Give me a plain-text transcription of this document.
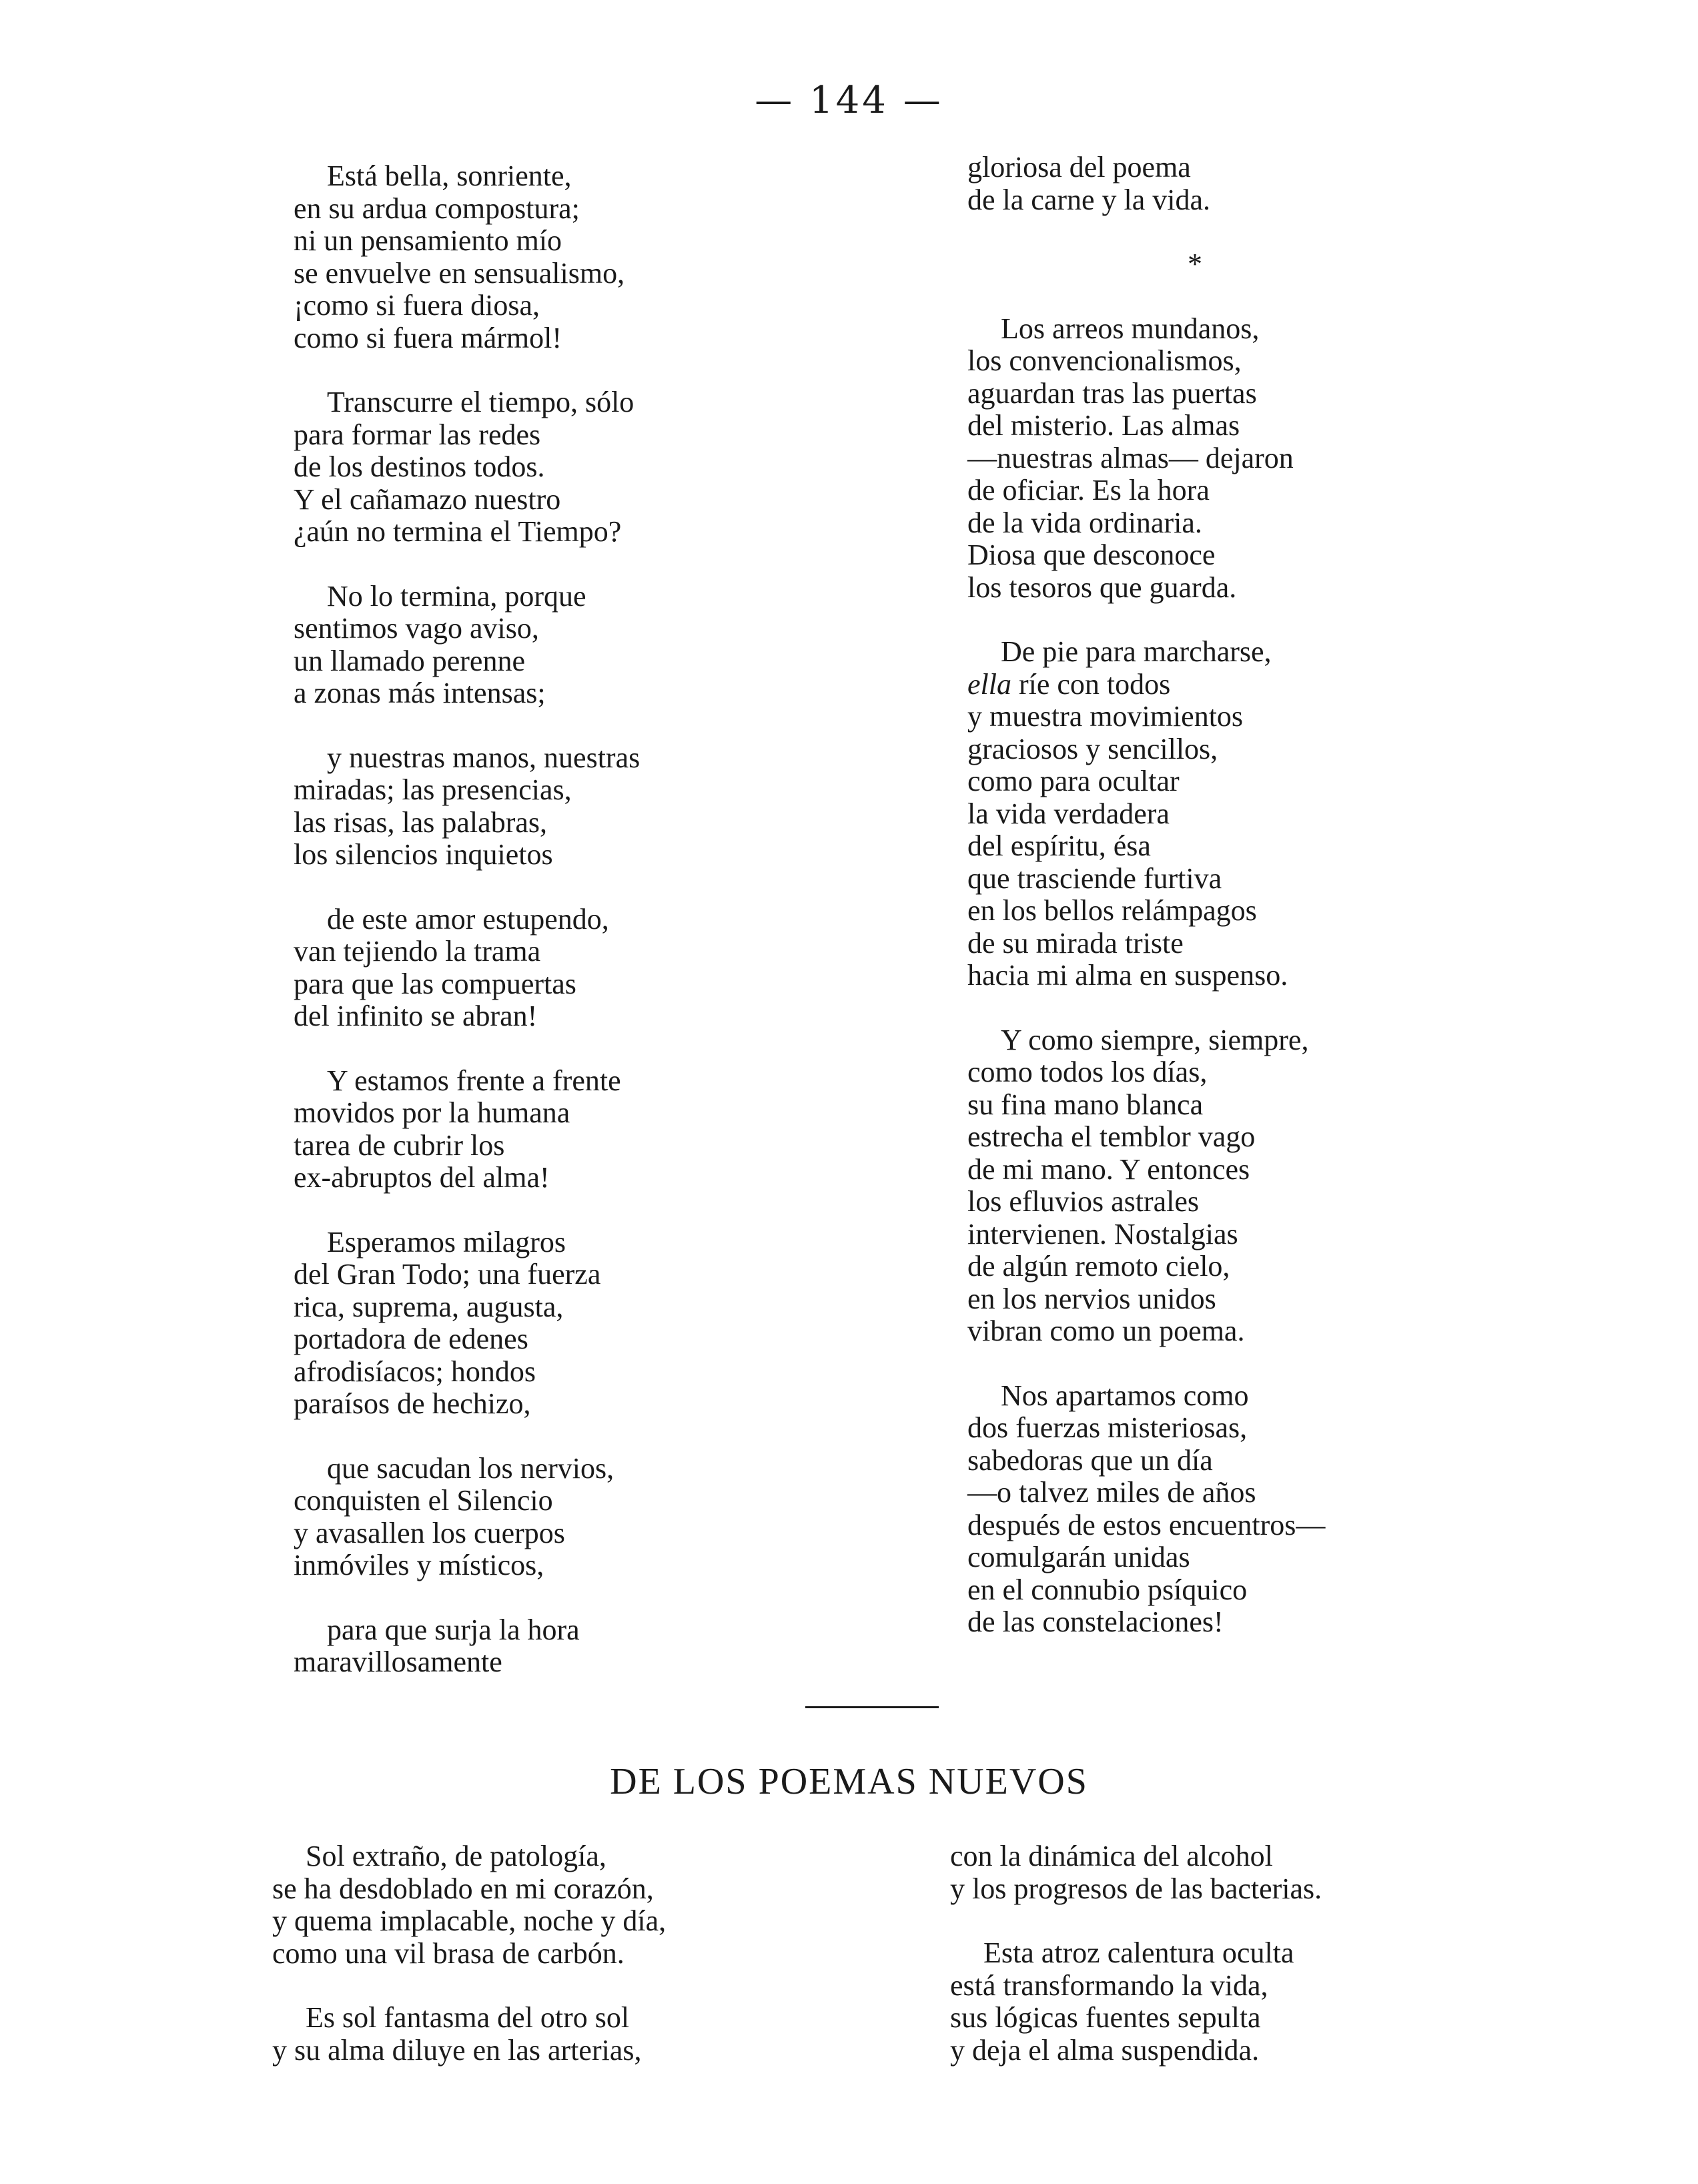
— 144 —
Está bella, sonriente,
en su ardua compostura;
ni un pensamiento mío
se envuelve en sensualismo,
¡como si fuera diosa,
como si fuera mármol!
Transcurre el tiempo, sólo
para formar las redes
de los destinos todos.
Y el cañamazo nuestro
¿aún no termina el Tiempo?
No lo termina, porque
sentimos vago aviso,
un llamado perenne
a zonas más intensas;
y nuestras manos, nuestras
miradas; las presencias,
las risas, las palabras,
los silencios inquietos
de este amor estupendo,
van tejiendo la trama
para que las compuertas
del infinito se abran!
Y estamos frente a frente
movidos por la humana
tarea de cubrir los
ex-abruptos del alma!
Esperamos milagros
del Gran Todo; una fuerza
rica, suprema, augusta,
portadora de edenes
afrodisíacos; hondos
paraísos de hechizo,
que sacudan los nervios,
conquisten el Silencio
y avasallen los cuerpos
inmóviles y místicos,
para que surja la hora
maravillosamente
gloriosa del poema
de la carne y la vida.
*
Los arreos mundanos,
los convencionalismos,
aguardan tras las puertas
del misterio. Las almas
—nuestras almas— dejaron
de oficiar. Es la hora
de la vida ordinaria.
Diosa que desconoce
los tesoros que guarda.
De pie para marcharse,
ella ríe con todos
y muestra movimientos
graciosos y sencillos,
como para ocultar
la vida verdadera
del espíritu, ésa
que trasciende furtiva
en los bellos relámpagos
de su mirada triste
hacia mi alma en suspenso.
Y como siempre, siempre,
como todos los días,
su fina mano blanca
estrecha el temblor vago
de mi mano. Y entonces
los efluvios astrales
intervienen. Nostalgias
de algún remoto cielo,
en los nervios unidos
vibran como un poema.
Nos apartamos como
dos fuerzas misteriosas,
sabedoras que un día
—o talvez miles de años
después de estos encuentros—
comulgarán unidas
en el connubio psíquico
de las constelaciones!
DE LOS POEMAS NUEVOS
Sol extraño, de patología,
se ha desdoblado en mi corazón,
y quema implacable, noche y día,
como una vil brasa de carbón.
Es sol fantasma del otro sol
y su alma diluye en las arterias,
con la dinámica del alcohol
y los progresos de las bacterias.
Esta atroz calentura oculta
está transformando la vida,
sus lógicas fuentes sepulta
y deja el alma suspendida.
